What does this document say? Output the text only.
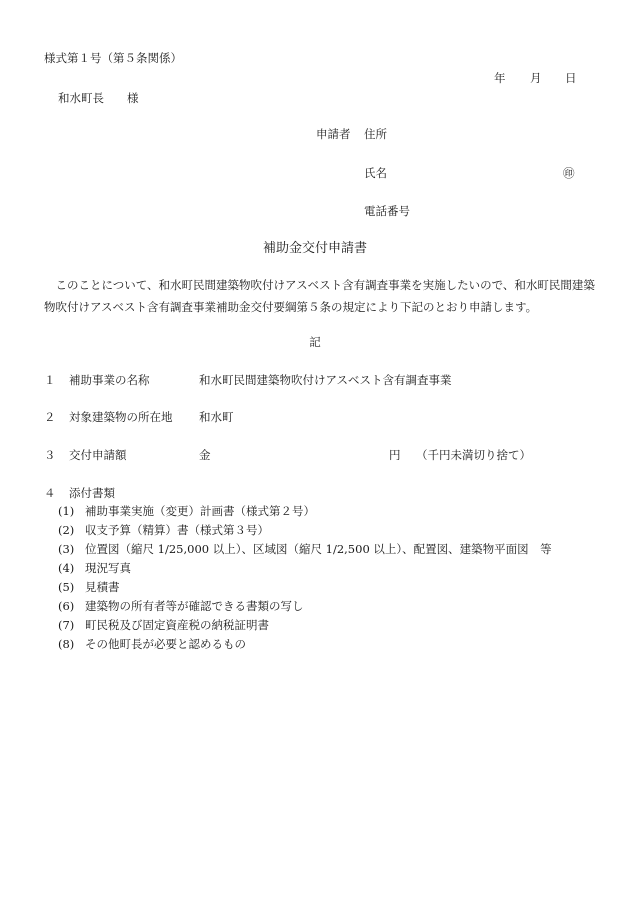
様式第１号（第５条関係）
年 月 日
和水町長　　様
申請者 住所
氏名	㊞
電話番号
補助金交付申請書
このことについて、和水町民間建築物吹付けアスベスト含有調査事業を実施したいので、和水町民間建築物吹付けアスベスト含有調査事業補助金交付要綱第５条の規定により下記のとおり申請します。
記
１ 補助事業の名称	和水町民間建築物吹付けアスベスト含有調査事業
２ 対象建築物の所在地 和水町
３ 交付申請額	金	円 （千円未満切り捨て）
４ 添付書類
(1) 補助事業実施（変更）計画書（様式第２号）
(2) 収支予算（精算）書（様式第３号）
(3) 位置図（縮尺 1/25,000 以上）、区域図（縮尺 1/2,500 以上）、配置図、建築物平面図　等
(4) 現況写真
(5) 見積書
(6) 建築物の所有者等が確認できる書類の写し
(7) 町民税及び固定資産税の納税証明書
(8) その他町長が必要と認めるもの
